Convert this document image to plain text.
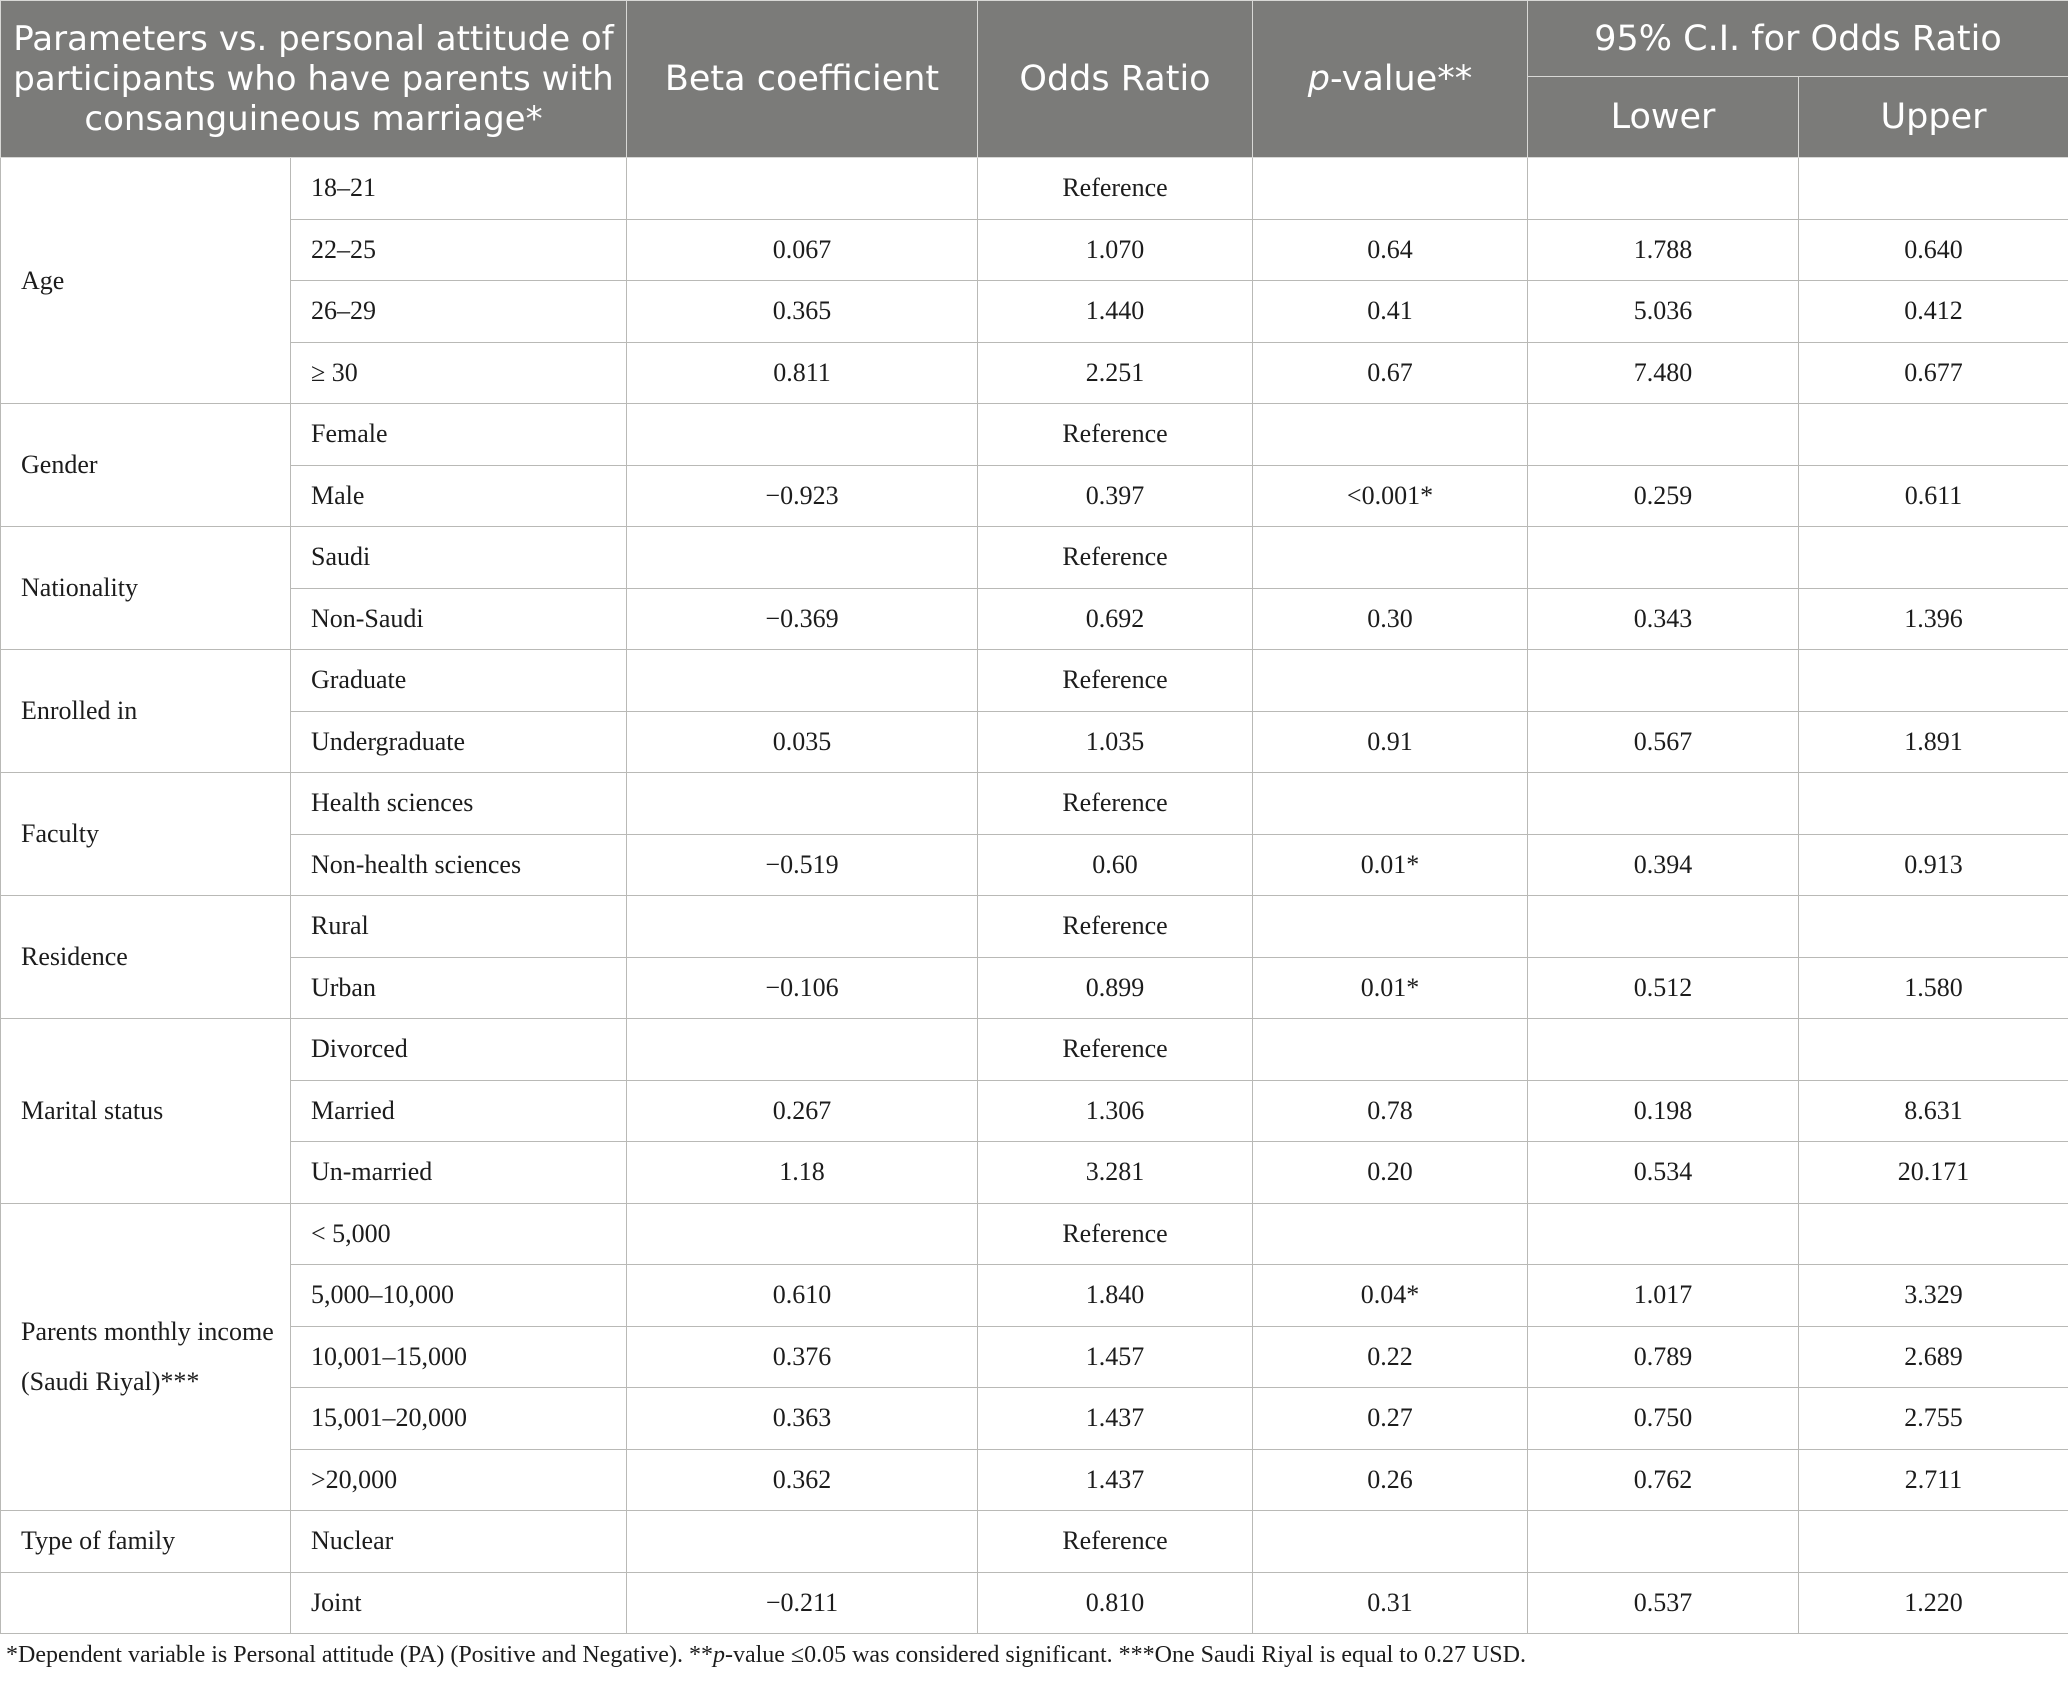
Parameters vs. personal attitude of participants who have parents with consanguineous marriage*		Beta coefficient	Odds Ratio	p-value**	95% C.I. for Odds Ratio	
					Lower	Upper
Age	18–21		Reference			
	22–25	0.067	1.070	0.64	1.788	0.640
	26–29	0.365	1.440	0.41	5.036	0.412
	≥ 30	0.811	2.251	0.67	7.480	0.677
Gender	Female		Reference			
	Male	−0.923	0.397	<0.001*	0.259	0.611
Nationality	Saudi		Reference			
	Non-Saudi	−0.369	0.692	0.30	0.343	1.396
Enrolled in	Graduate		Reference			
	Undergraduate	0.035	1.035	0.91	0.567	1.891
Faculty	Health sciences		Reference			
	Non-health sciences	−0.519	0.60	0.01*	0.394	0.913
Residence	Rural		Reference			
	Urban	−0.106	0.899	0.01*	0.512	1.580
Marital status	Divorced		Reference			
	Married	0.267	1.306	0.78	0.198	8.631
	Un-married	1.18	3.281	0.20	0.534	20.171
Parents monthly income (Saudi Riyal)***	< 5,000		Reference			
	5,000–10,000	0.610	1.840	0.04*	1.017	3.329
	10,001–15,000	0.376	1.457	0.22	0.789	2.689
	15,001–20,000	0.363	1.437	0.27	0.750	2.755
	>20,000	0.362	1.437	0.26	0.762	2.711
Type of family	Nuclear		Reference			
	Joint	−0.211	0.810	0.31	0.537	1.220
*Dependent variable is Personal attitude (PA) (Positive and Negative). **p-value ≤0.05 was considered significant. ***One Saudi Riyal is equal to 0.27 USD.
